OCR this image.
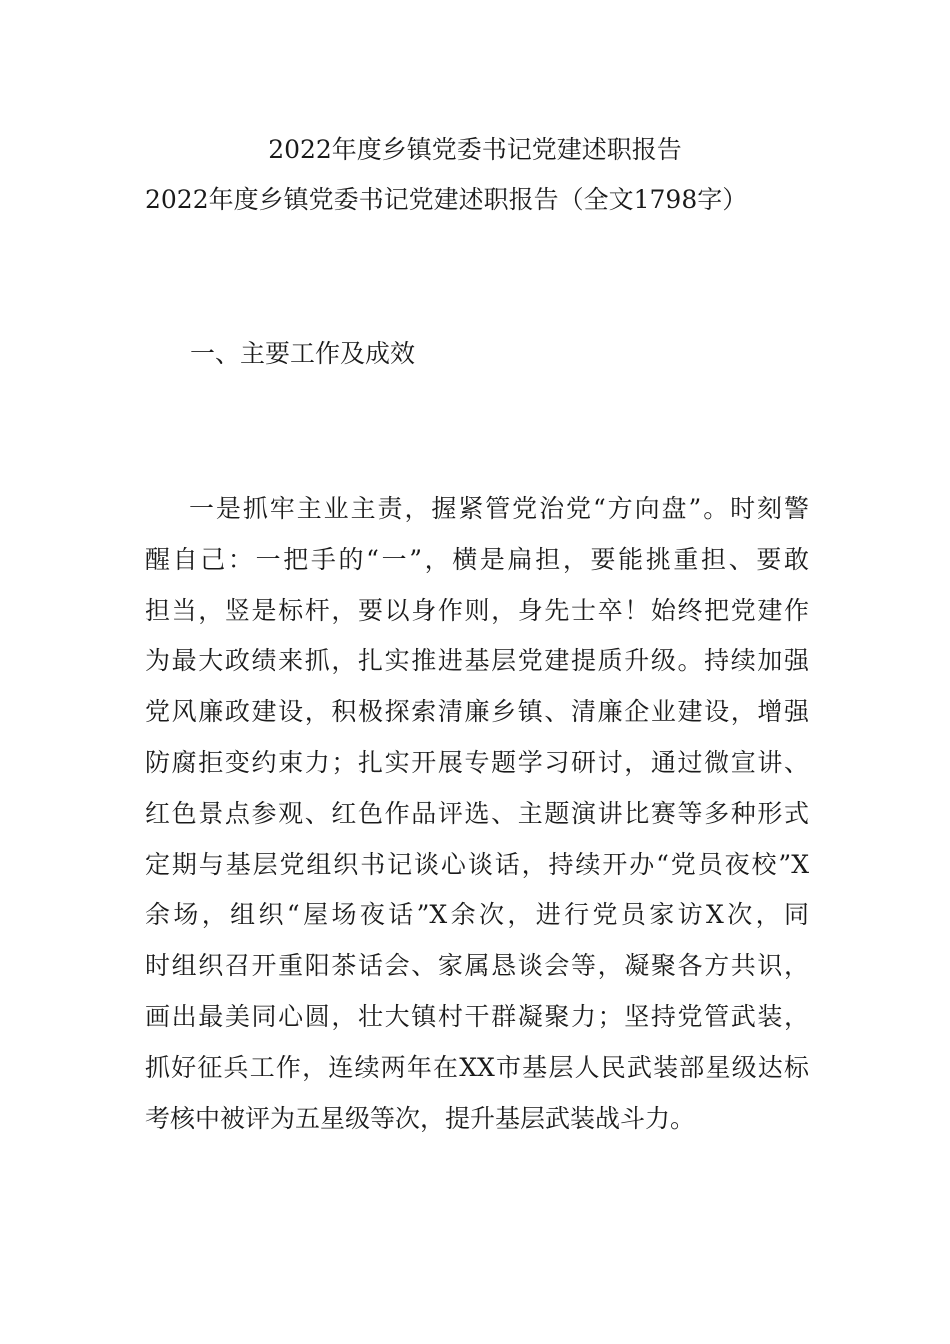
2022年度乡镇党委书记党建述职报告
2022年度乡镇党委书记党建述职报告（全文1798字）
一、主要工作及成效

一是抓牢主业主责，握紧管党治党“方向盘”。时刻警
醒自己：一把手的“一”，横是扁担，要能挑重担、要敢
担当，竖是标杆，要以身作则，身先士卒！始终把党建作
为最大政绩来抓，扎实推进基层党建提质升级。持续加强
党风廉政建设，积极探索清廉乡镇、清廉企业建设，增强
防腐拒变约束力；扎实开展专题学习研讨，通过微宣讲、
红色景点参观、红色作品评选、主题演讲比赛等多种形式
定期与基层党组织书记谈心谈话，持续开办“党员夜校”X
余场，组织“屋场夜话”X余次，进行党员家访X次，同
时组织召开重阳茶话会、家属恳谈会等，凝聚各方共识，
画出最美同心圆，壮大镇村干群凝聚力；坚持党管武装，
抓好征兵工作，连续两年在XX市基层人民武装部星级达标
考核中被评为五星级等次，提升基层武装战斗力。
